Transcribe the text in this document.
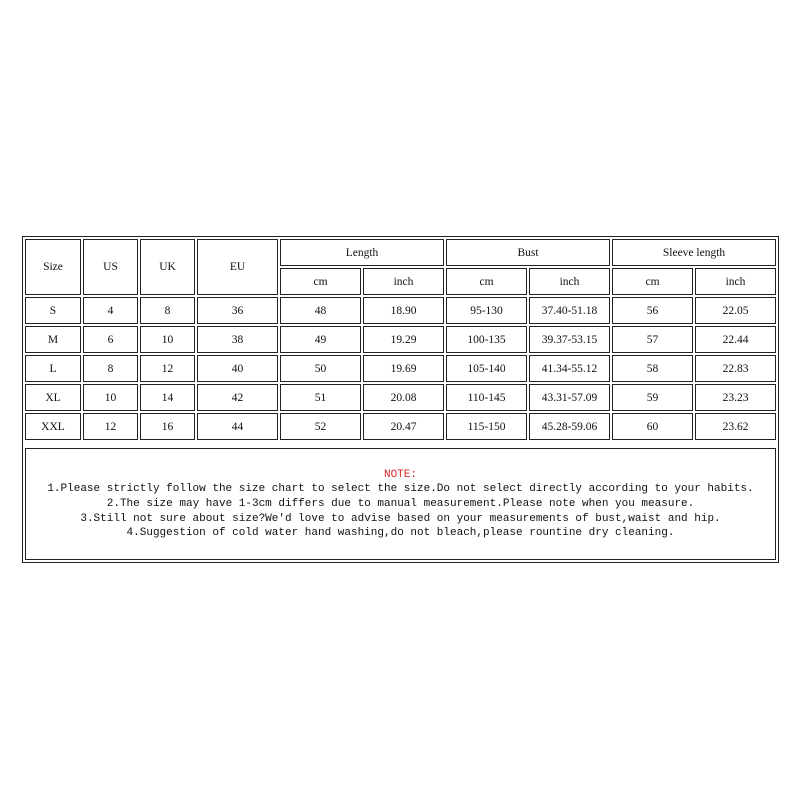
Size	US	UK	EU	Length		Bust		Sleeve length	
				cm	inch	cm	inch	cm	inch
S	4	8	36	48	18.90	95-130	37.40-51.18	56	22.05
M	6	10	38	49	19.29	100-135	39.37-53.15	57	22.44
L	8	12	40	50	19.69	105-140	41.34-55.12	58	22.83
XL	10	14	42	51	20.08	110-145	43.31-57.09	59	23.23
XXL	12	16	44	52	20.47	115-150	45.28-59.06	60	23.62
NOTE:
1.Please strictly follow the size chart to select the size.Do not select directly according to your habits.
2.The size may have 1-3cm differs due to manual measurement.Please note when you measure.
3.Still not sure about size?We'd love to advise based on your measurements of bust,waist and hip.
4.Suggestion of cold water hand washing,do not bleach,please rountine dry cleaning.
